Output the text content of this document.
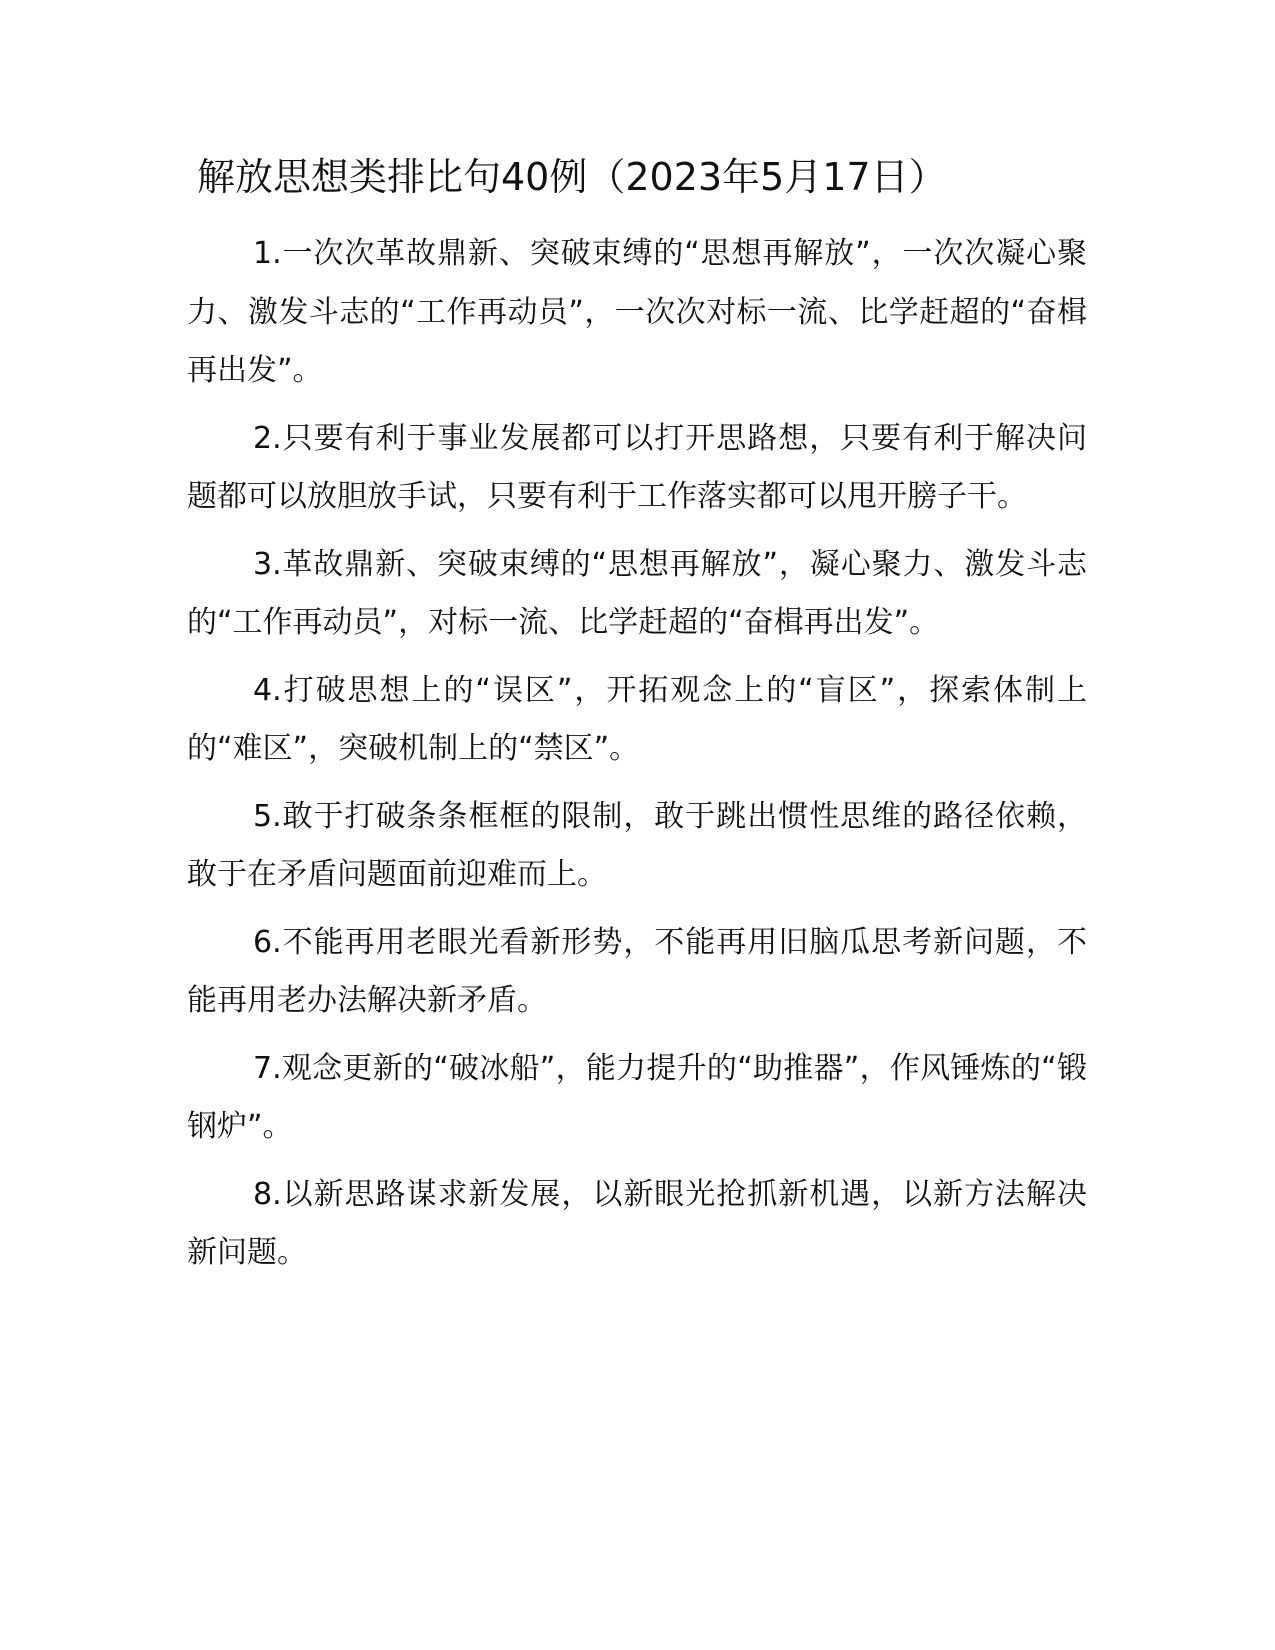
解放思想类排比句40例（2023年5月17日）

1.一次次革故鼎新、突破束缚的“思想再解放”，一次次凝心聚力、激发斗志的“工作再动员”，一次次对标一流、比学赶超的“奋楫再出发”。

2.只要有利于事业发展都可以打开思路想，只要有利于解决问题都可以放胆放手试，只要有利于工作落实都可以甩开膀子干。

3.革故鼎新、突破束缚的“思想再解放”，凝心聚力、激发斗志的“工作再动员”，对标一流、比学赶超的“奋楫再出发”。

4.打破思想上的“误区”，开拓观念上的“盲区”，探索体制上的“难区”，突破机制上的“禁区”。

5.敢于打破条条框框的限制，敢于跳出惯性思维的路径依赖，敢于在矛盾问题面前迎难而上。

6.不能再用老眼光看新形势，不能再用旧脑瓜思考新问题，不能再用老办法解决新矛盾。

7.观念更新的“破冰船”，能力提升的“助推器”，作风锤炼的“锻钢炉”。

8.以新思路谋求新发展，以新眼光抢抓新机遇，以新方法解决新问题。
